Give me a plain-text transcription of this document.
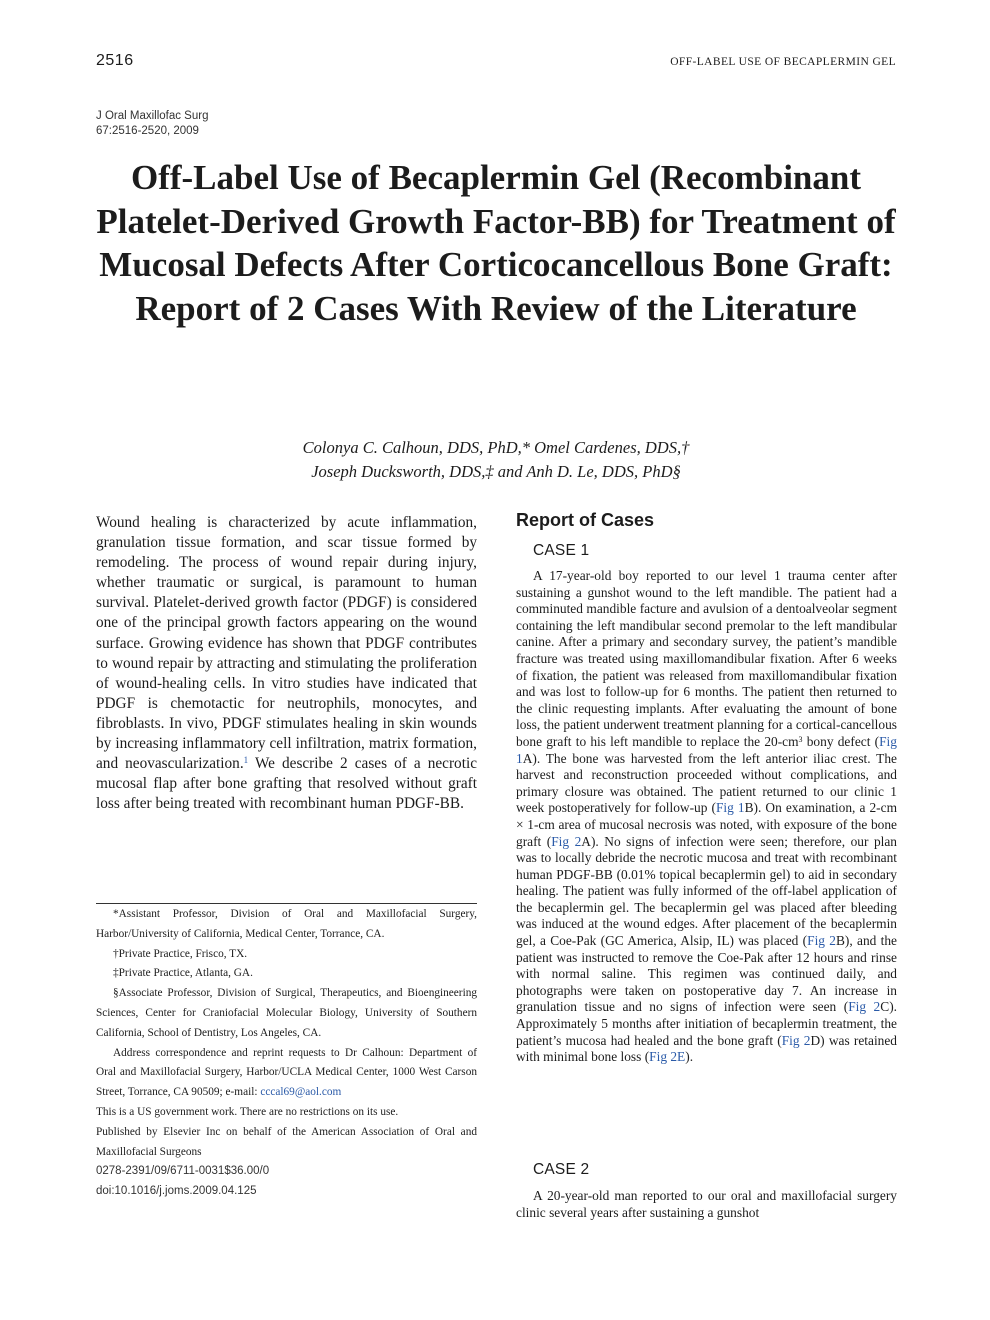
2516	OFF-LABEL USE OF BECAPLERMIN GEL
J Oral Maxillofac Surg
67:2516-2520, 2009
Off-Label Use of Becaplermin Gel (Recombinant Platelet-Derived Growth Factor-BB) for Treatment of Mucosal Defects After Corticocancellous Bone Graft: Report of 2 Cases With Review of the Literature
Colonya C. Calhoun, DDS, PhD,* Omel Cardenes, DDS,†
Joseph Ducksworth, DDS,‡ and Anh D. Le, DDS, PhD§
Wound healing is characterized by acute inflammation, granulation tissue formation, and scar tissue formed by remodeling. The process of wound repair during injury, whether traumatic or surgical, is paramount to human survival. Platelet-derived growth factor (PDGF) is considered one of the principal growth factors appearing on the wound surface. Growing evidence has shown that PDGF contributes to wound repair by attracting and stimulating the proliferation of wound-healing cells. In vitro studies have indicated that PDGF is chemotactic for neutrophils, monocytes, and fibroblasts. In vivo, PDGF stimulates healing in skin wounds by increasing inflammatory cell infiltration, matrix formation, and neovascularization.$^1$ We describe 2 cases of a necrotic mucosal flap after bone grafting that resolved without graft loss after being treated with recombinant human PDGF-BB.

*Assistant Professor, Division of Oral and Maxillofacial Surgery, Harbor/University of California, Medical Center, Torrance, CA.

†Private Practice, Frisco, TX.

‡Private Practice, Atlanta, GA.

§Associate Professor, Division of Surgical, Therapeutics, and Bioengineering Sciences, Center for Craniofacial Molecular Biology, University of Southern California, School of Dentistry, Los Angeles, CA.

Address correspondence and reprint requests to Dr Calhoun: Department of Oral and Maxillofacial Surgery, Harbor/UCLA Medical Center, 1000 West Carson Street, Torrance, CA 90509; e-mail: cccal69@aol.com

This is a US government work. There are no restrictions on its use.

Published by Elsevier Inc on behalf of the American Association of Oral and Maxillofacial Surgeons

0278-2391/09/6711-0031$36.00/0

doi:10.1016/j.joms.2009.04.125

Report of Cases
CASE 1

A 17-year-old boy reported to our level 1 trauma center after sustaining a gunshot wound to the left mandible. The patient had a comminuted mandible facture and avulsion of a dentoalveolar segment containing the left mandibular second premolar to the left mandibular canine. After a primary and secondary survey, the patient’s mandible fracture was treated using maxillomandibular fixation. After 6 weeks of fixation, the patient was released from maxillomandibular fixation and was lost to follow-up for 6 months. The patient then returned to the clinic requesting implants. After evaluating the amount of bone loss, the patient underwent treatment planning for a cortical-cancellous bone graft to his left mandible to replace the $20-cm^3$ bony defect (Fig 1A). The bone was harvested from the left anterior iliac crest. The harvest and reconstruction proceeded without complications, and primary closure was obtained. The patient returned to our clinic 1 week postoperatively for follow-up (Fig 1B). On examination, a 2-cm × 1-cm area of mucosal necrosis was noted, with exposure of the bone graft (Fig 2A). No signs of infection were seen; therefore, our plan was to locally debride the necrotic mucosa and treat with recombinant human PDGF-BB (0.01% topical becaplermin gel) to aid in secondary healing. The patient was fully informed of the off-label application of the becaplermin gel. The becaplermin gel was placed after bleeding was induced at the wound edges. After placement of the becaplermin gel, a Coe-Pak (GC America, Alsip, IL) was placed (Fig 2B), and the patient was instructed to remove the Coe-Pak after 12 hours and rinse with normal saline. This regimen was continued daily, and photographs were taken on postoperative day 7. An increase in granulation tissue and no signs of infection were seen (Fig 2C). Approximately 5 months after initiation of becaplermin treatment, the patient’s mucosa had healed and the bone graft (Fig 2D) was retained with minimal bone loss (Fig 2E).

CASE 2

A 20-year-old man reported to our oral and maxillofacial surgery clinic several years after sustaining a gunshot
